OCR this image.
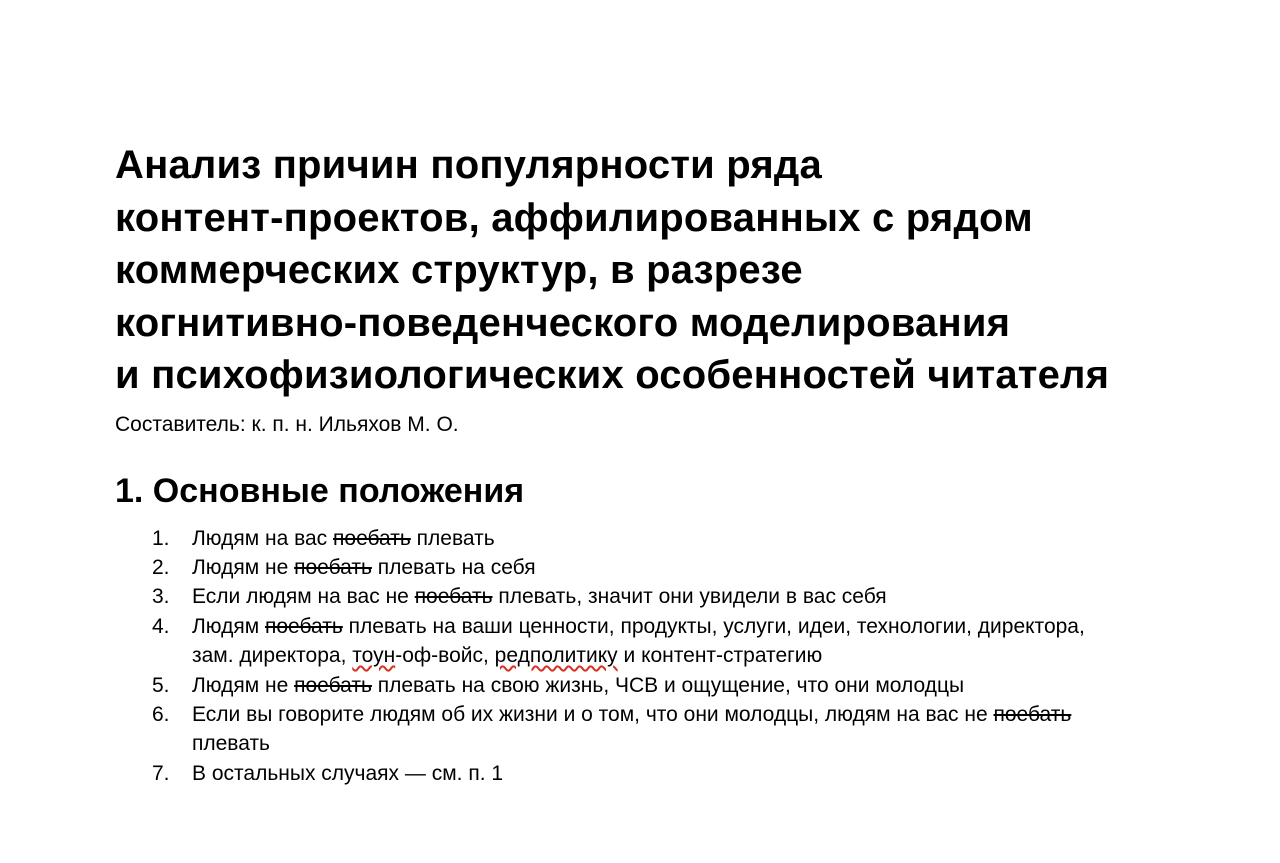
Анализ причин популярности ряда
контент-проектов, аффилированных с рядом
коммерческих структур, в разрезе
когнитивно-поведенческого моделирования
и психофизиологических особенностей читателя

Составитель: к. п. н. Ильяхов М. О.

1. Основные положения
1. Людям на вас поебать плевать
2. Людям не поебать плевать на себя
3. Если людям на вас не поебать плевать, значит они увидели в вас себя
4. Людям поебать плевать на ваши ценности, продукты, услуги, идеи, технологии, директора,
зам. директора, тоун-оф-войс, редполитику и контент-стратегию
5. Людям не поебать плевать на свою жизнь, ЧСВ и ощущение, что они молодцы
6. Если вы говорите людям об их жизни и о том, что они молодцы, людям на вас не поебать
плевать
7. В остальных случаях — см. п. 1
